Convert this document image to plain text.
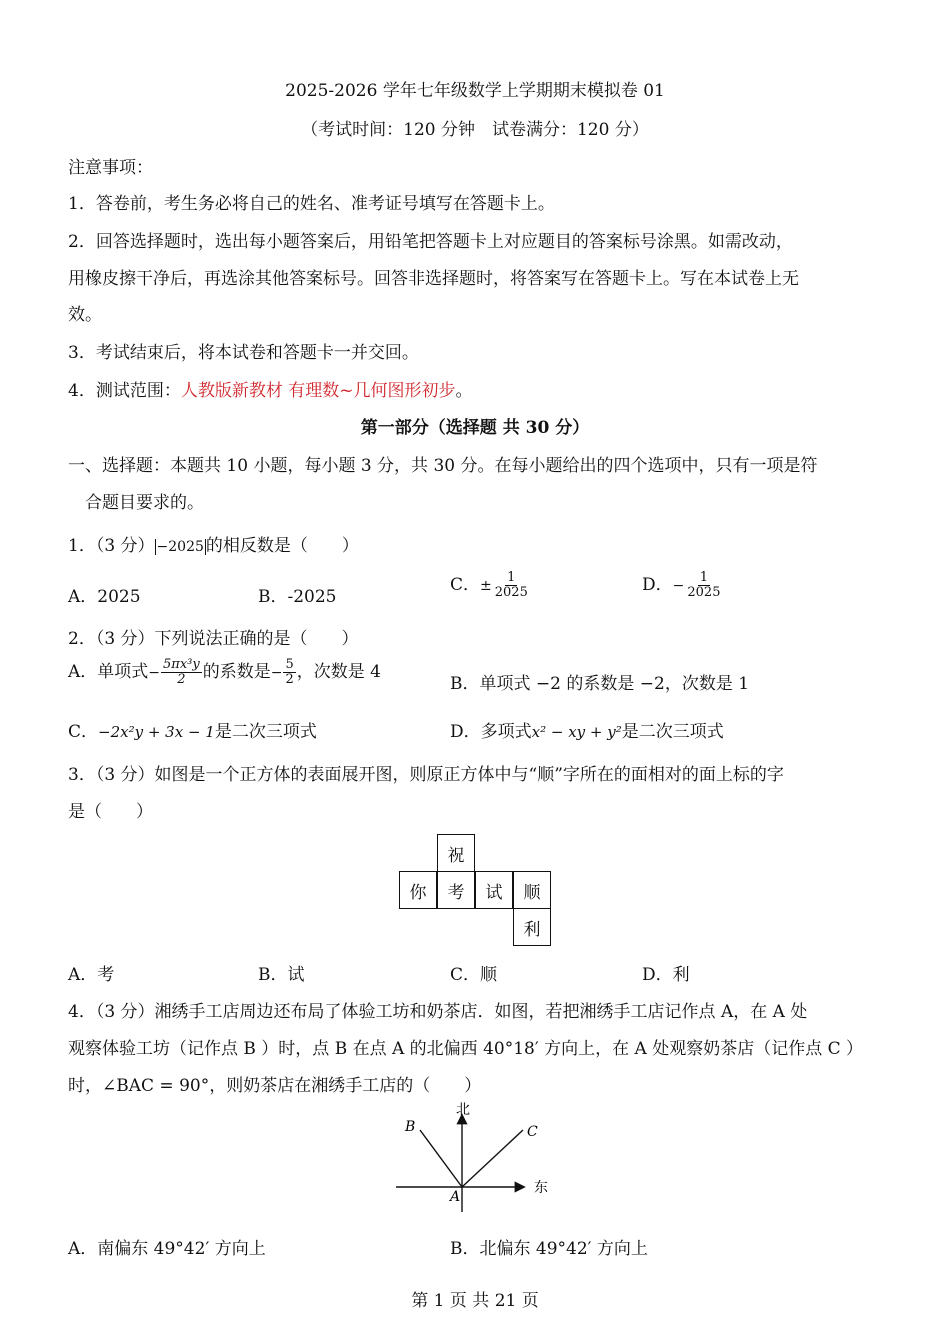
2025-2026 学年七年级数学上学期期末模拟卷 01
（考试时间：120 分钟　试卷满分：120 分）
注意事项：
1．答卷前，考生务必将自己的姓名、准考证号填写在答题卡上。
2．回答选择题时，选出每小题答案后，用铅笔把答题卡上对应题目的答案标号涂黑。如需改动，
用橡皮擦干净后，再选涂其他答案标号。回答非选择题时，将答案写在答题卡上。写在本试卷上无
效。
3．考试结束后，将本试卷和答题卡一并交回。
4．测试范围：人教版新教材 有理数~几何图形初步。
第一部分（选择题 共 30 分）
一、选择题：本题共 10 小题，每小题 3 分，共 30 分。在每小题给出的四个选项中，只有一项是符
合题目要求的。
1．（3 分） −2025 的相反数是（　　）
A．2025	B．-2025
C．± $\frac{1}{2025}$	D．− $\frac{1}{2025}$
2．（3 分）下列说法正确的是（　　）
A．单项式− $\frac{\text{5πx³y}}{2}$ 的系数是− $\frac{5}{2}$ ，次数是 4
B．单项式 −2 的系数是 −2，次数是 1
C．−2x²y + 3x − 1是二次三项式	D．多项式x² − xy + y²是二次三项式
3．（3 分）如图是一个正方体的表面展开图，则原正方体中与“顺”字所在的面相对的面上标的字
是（　　）
祝
你	考	试	顺
利
A．考	B．试	C．顺	D．利
4．（3 分）湘绣手工店周边还布局了体验工坊和奶茶店．如图，若把湘绣手工店记作点 A，在 A 处
观察体验工坊（记作点 B ）时，点 B 在点 A 的北偏西 40°18′ 方向上，在 A 处观察奶茶店（记作点 C ）
时，∠BAC = 90°，则奶茶店在湘绣手工店的（　　）
北
东
A
B	C
A．南偏东 49°42′ 方向上	B．北偏东 49°42′ 方向上
第 1 页 共 21 页
